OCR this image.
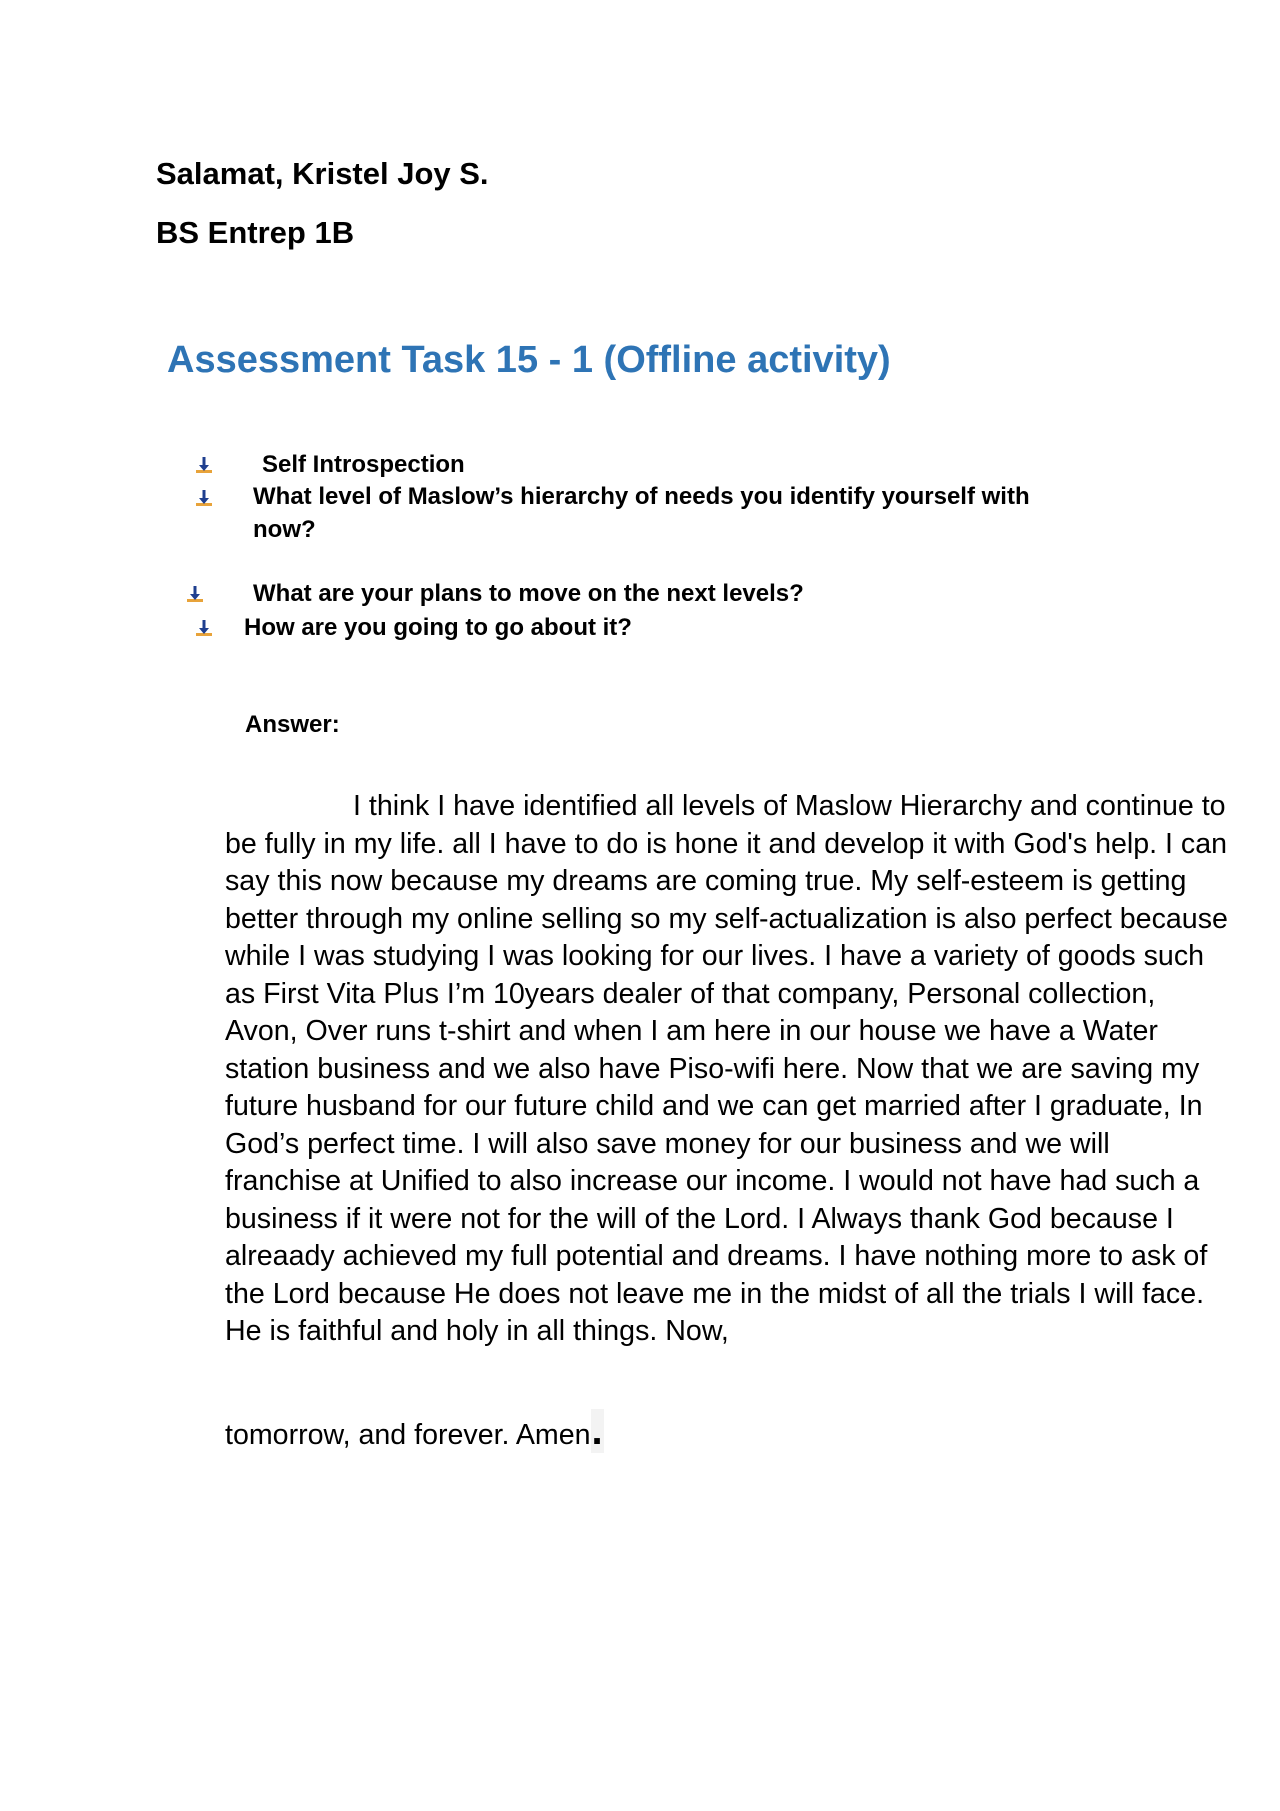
Salamat, Kristel Joy S.
BS Entrep 1B
Assessment Task 15 - 1 (Offline activity)
Self Introspection
What level of Maslow’s hierarchy of needs you identify yourself with
now?
What are your plans to move on the next levels?
How are you going to go about it?
Answer:

I think I have identified all levels of Maslow Hierarchy and continue to be fully in my life. all I have to do is hone it and develop it with God's help. I can say this now because my dreams are coming true. My self-esteem is getting better through my online selling so my self-actualization is also perfect because while I was studying I was looking for our lives. I have a variety of goods such as First Vita Plus I’m 10years dealer of that company, Personal collection, Avon, Over runs t-shirt and when I am here in our house we have a Water station business and we also have Piso-wifi here. Now that we are saving my future husband for our future child and we can get married after I graduate, In God’s perfect time. I will also save money for our business and we will franchise at Unified to also increase our income. I would not have had such a business if it were not for the will of the Lord. I Always thank God because I alreaady achieved my full potential and dreams. I have nothing more to ask of the Lord because He does not leave me in the midst of all the trials I will face. He is faithful and holy in all things. Now,

tomorrow, and forever. Amen.
